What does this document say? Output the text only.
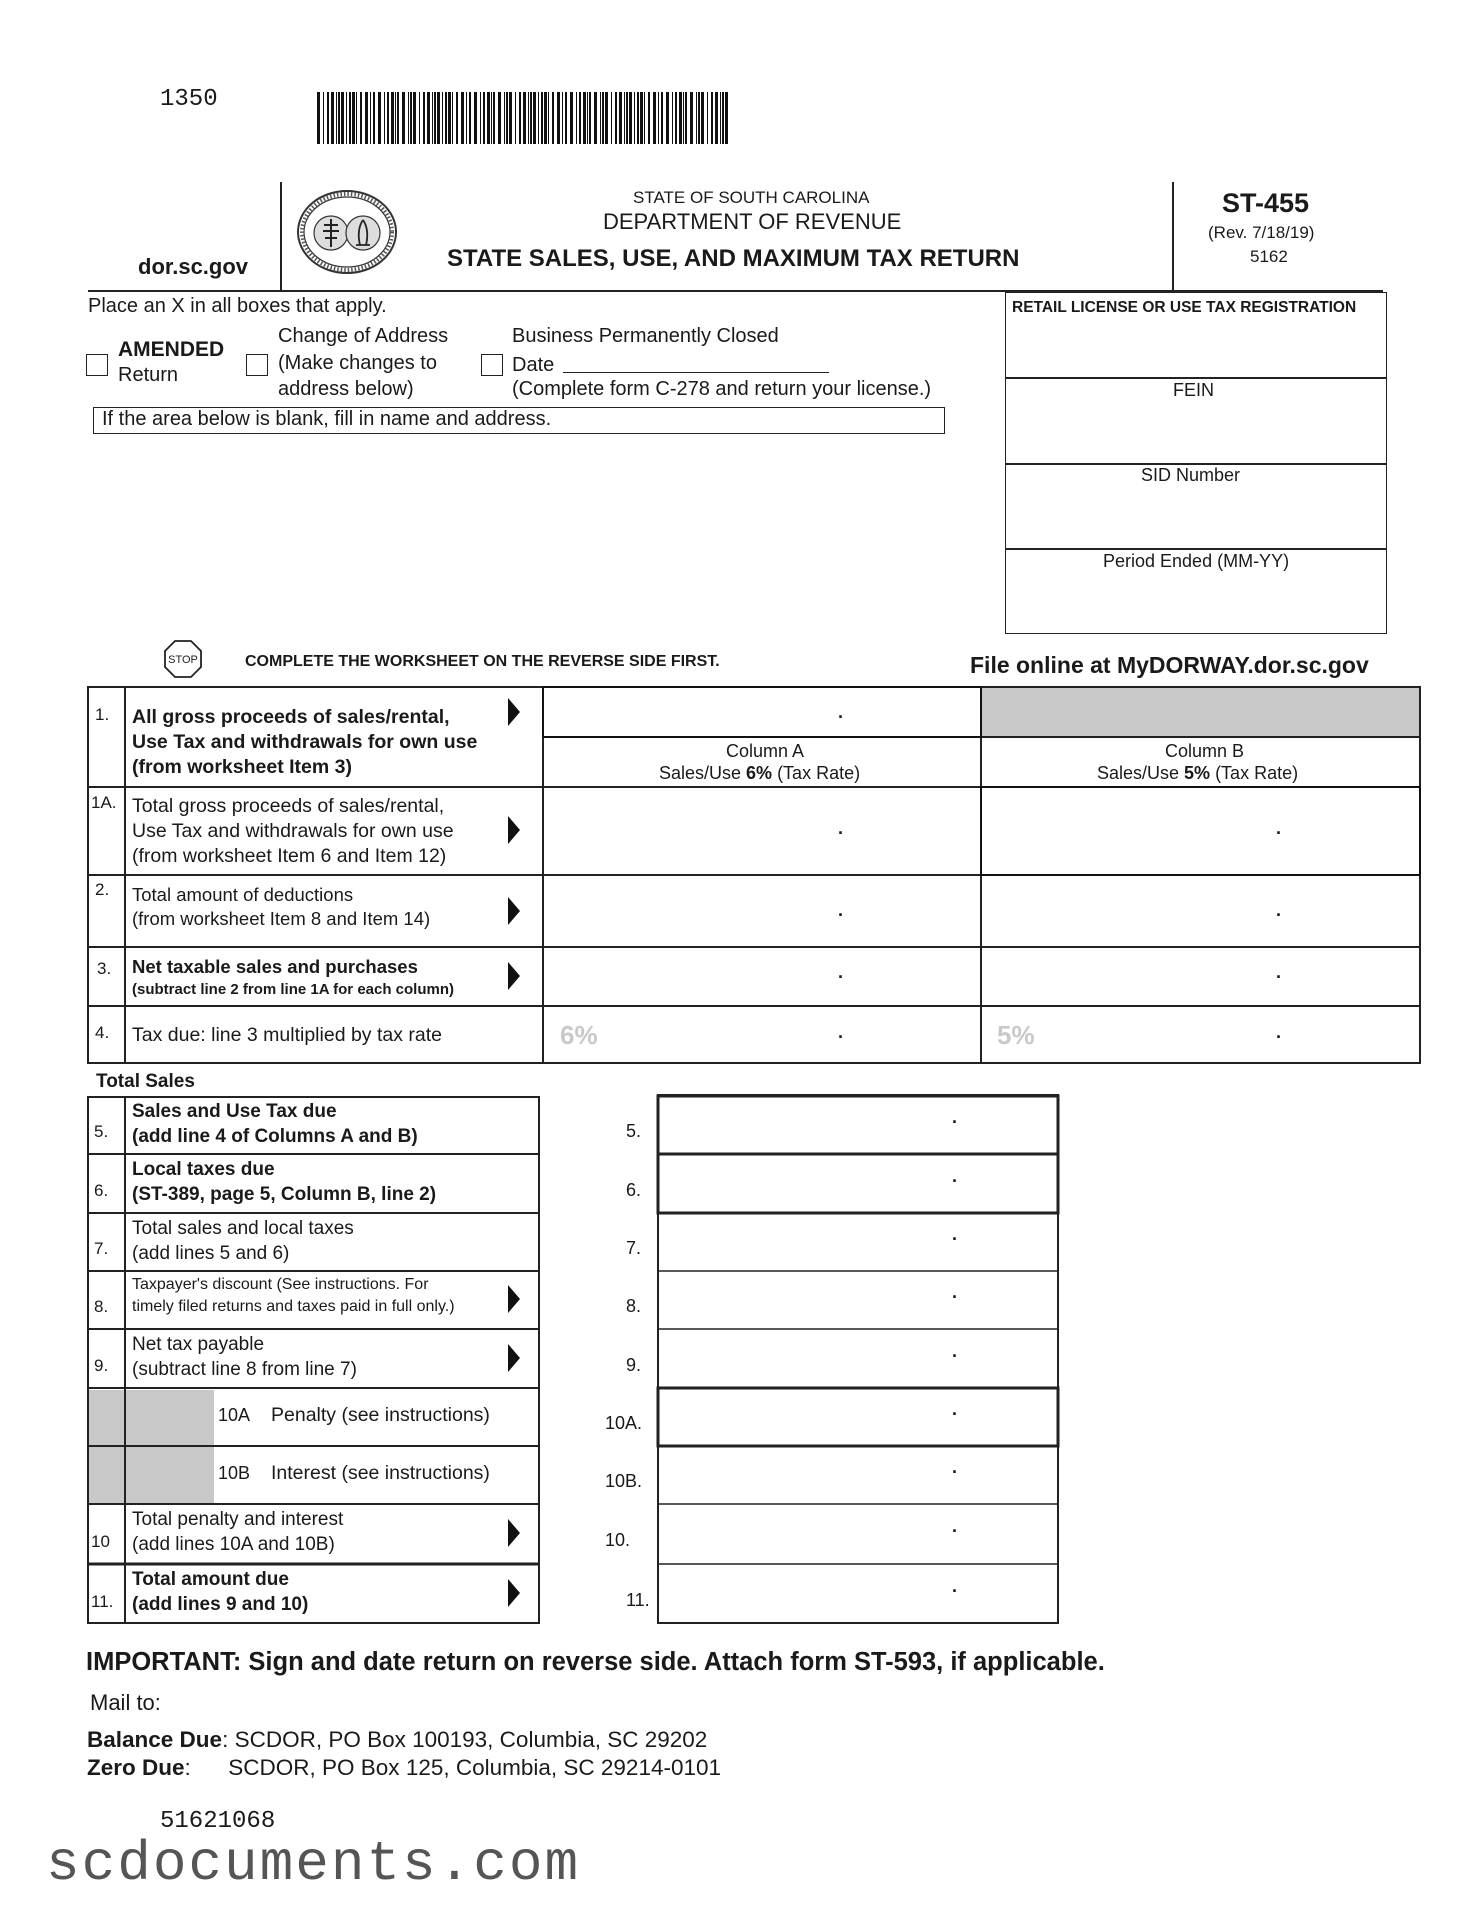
1350
dor.sc.gov
STATE OF SOUTH CAROLINA
DEPARTMENT OF REVENUE
STATE SALES, USE, AND MAXIMUM TAX RETURN
ST-455
(Rev. 7/18/19)
5162
Place an X in all boxes that apply.
AMENDED
Return
Change of Address
(Make changes to
address below)
Business Permanently Closed
Date
(Complete form C-278 and return your license.)
If the area below is blank, fill in name and address.
RETAIL LICENSE OR USE TAX REGISTRATION
FEIN
SID Number
Period Ended (MM-YY)
STOP	COMPLETE THE WORKSHEET ON THE REVERSE SIDE FIRST.	File online at MyDORWAY.dor.sc.gov
1. All gross proceeds of sales/rental,
Use Tax and withdrawals for own use
(from worksheet Item 3)
.
Column A
Sales/Use 6% (Tax Rate)
Column B
Sales/Use 5% (Tax Rate)
1A. Total gross proceeds of sales/rental,
Use Tax and withdrawals for own use
(from worksheet Item 6 and Item 12)
.	.
2. Total amount of deductions
(from worksheet Item 8 and Item 14)	.	.
3. Net taxable sales and purchases
(subtract line 2 from line 1A for each column)
.	.
4. Tax due: line 3 multiplied by tax rate	6%	5%
.	.
Total Sales
5.
Sales and Use Tax due
(add line 4 of Columns A and B)	5.
.
6.
Local taxes due
(ST-389, page 5, Column B, line 2)	6.
.
7.
Total sales and local taxes
(add lines 5 and 6)	7.
.
8.
Taxpayer's discount (See instructions. For
timely filed returns and taxes paid in full only.)	8.
.
9.
Net tax payable
(subtract line 8 from line 7)	9.
.
10A Penalty (see instructions)	10A.
.
10B Interest (see instructions)	10B.
.
10
Total penalty and interest
(add lines 10A and 10B)	10.
.
11.
Total amount due
(add lines 9 and 10)	11.
.
IMPORTANT: Sign and date return on reverse side. Attach form ST-593, if applicable.
Mail to:
Balance Due: SCDOR, PO Box 100193, Columbia, SC 29202
Zero Due:      SCDOR, PO Box 125, Columbia, SC 29214-0101
51621068
scdocuments.com
